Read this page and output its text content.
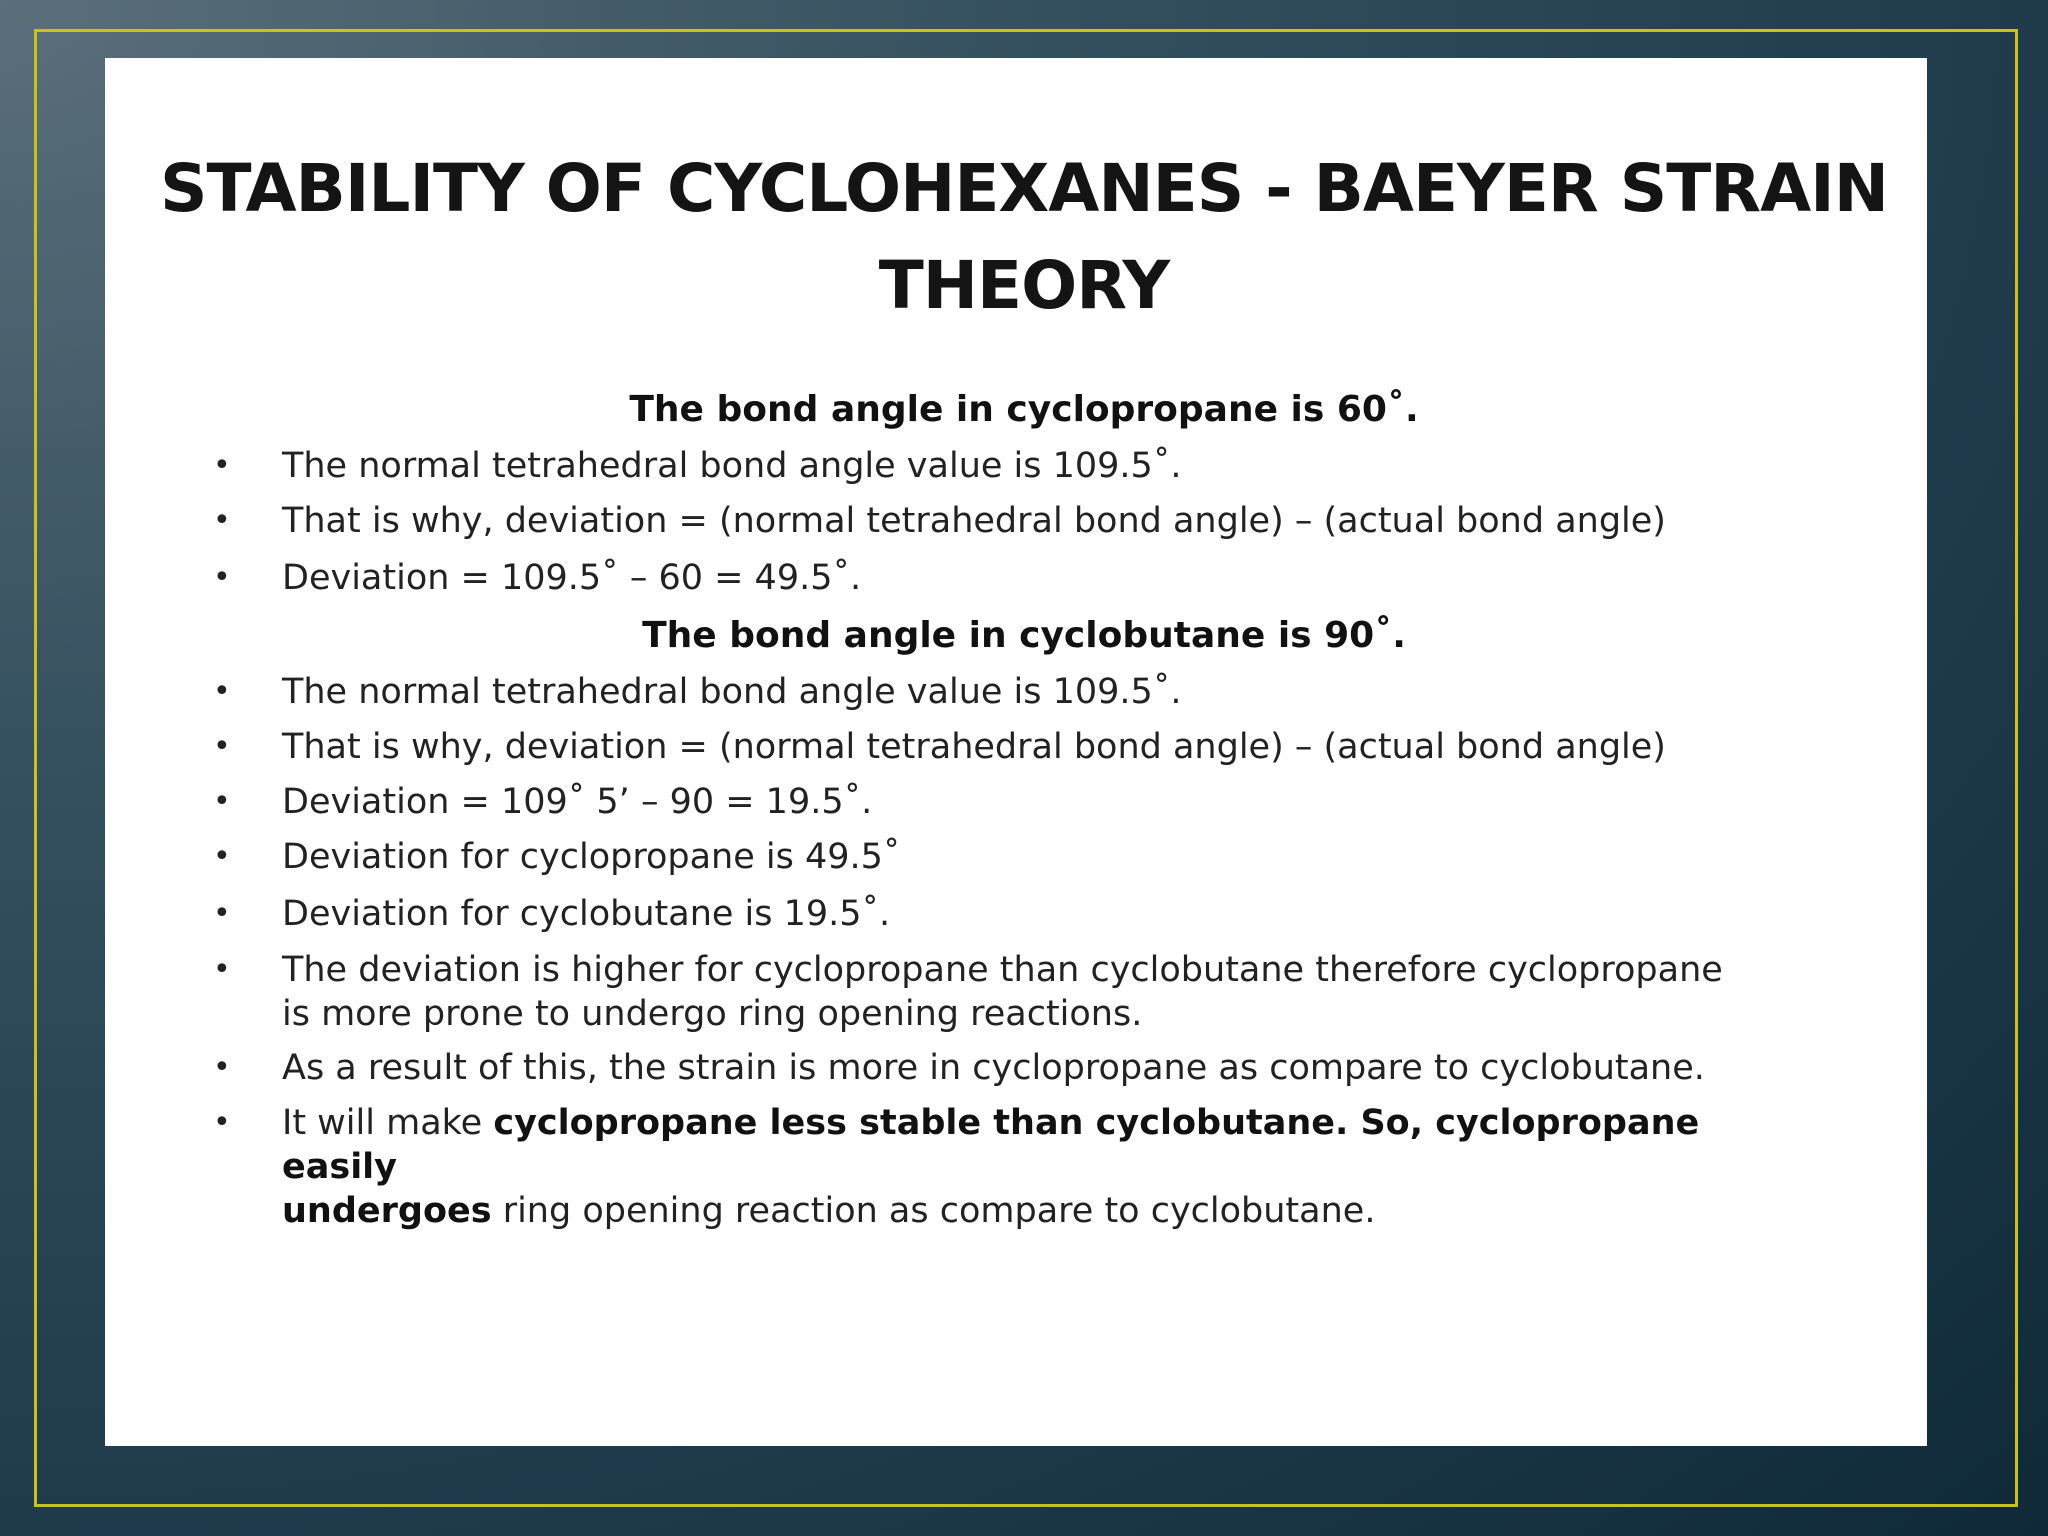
STABILITY OF CYCLOHEXANES - BAEYER STRAIN
THEORY
The bond angle in cyclopropane is 60˚.
• The normal tetrahedral bond angle value is 109.5˚.
• That is why, deviation = (normal tetrahedral bond angle) – (actual bond angle)
• Deviation = 109.5˚ – 60 = 49.5˚.
The bond angle in cyclobutane is 90˚.
• The normal tetrahedral bond angle value is 109.5˚.
• That is why, deviation = (normal tetrahedral bond angle) – (actual bond angle)
• Deviation = 109˚ 5’ – 90 = 19.5˚.
• Deviation for cyclopropane is 49.5˚
• Deviation for cyclobutane is 19.5˚.
• The deviation is higher for cyclopropane than cyclobutane therefore cyclopropane
is more prone to undergo ring opening reactions.
• As a result of this, the strain is more in cyclopropane as compare to cyclobutane.
• It will make cyclopropane less stable than cyclobutane. So, cyclopropane easily
undergoes ring opening reaction as compare to cyclobutane.
